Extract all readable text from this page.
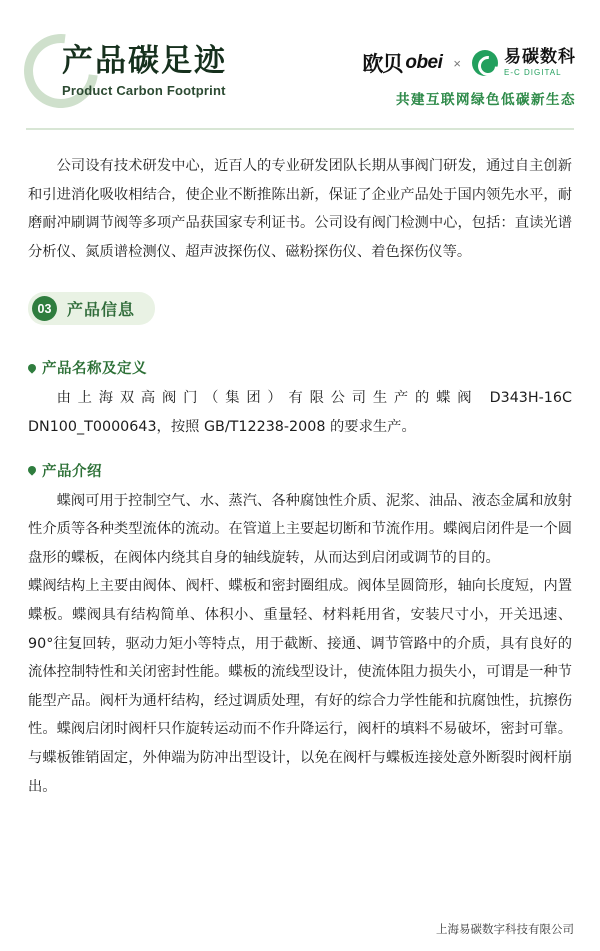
产品碳足迹
Product Carbon Footprint
欧贝 obei ×	易碳数科
E-C DIGITAL
共建互联网绿色低碳新生态

公司设有技术研发中心，近百人的专业研发团队长期从事阀门研发，通过自主创新和引进消化吸收相结合，使企业不断推陈出新，保证了企业产品处于国内领先水平，耐磨耐冲刷调节阀等多项产品获国家专利证书。公司设有阀门检测中心，包括：直读光谱分析仪、氮质谱检测仪、超声波探伤仪、磁粉探伤仪、着色探伤仪等。

03 产品信息
产品名称及定义

由上海双高阀门（集团）有限公司生产的蝶阀 D343H-16C DN100_T0000643，按照 GB/T12238-2008 的要求生产。

产品介绍

蝶阀可用于控制空气、水、蒸汽、各种腐蚀性介质、泥浆、油品、液态金属和放射性介质等各种类型流体的流动。在管道上主要起切断和节流作用。蝶阀启闭件是一个圆盘形的蝶板，在阀体内绕其自身的轴线旋转，从而达到启闭或调节的目的。

蝶阀结构上主要由阀体、阀杆、蝶板和密封圈组成。阀体呈圆筒形，轴向长度短，内置蝶板。蝶阀具有结构简单、体积小、重量轻、材料耗用省，安装尺寸小，开关迅速、90°往复回转，驱动力矩小等特点，用于截断、接通、调节管路中的介质，具有良好的流体控制特性和关闭密封性能。蝶板的流线型设计，使流体阻力损失小，可谓是一种节能型产品。阀杆为通杆结构，经过调质处理，有好的综合力学性能和抗腐蚀性，抗擦伤性。蝶阀启闭时阀杆只作旋转运动而不作升降运行，阀杆的填料不易破坏，密封可靠。与蝶板锥销固定，外伸端为防冲出型设计，以免在阀杆与蝶板连接处意外断裂时阀杆崩出。

上海易碳数字科技有限公司
